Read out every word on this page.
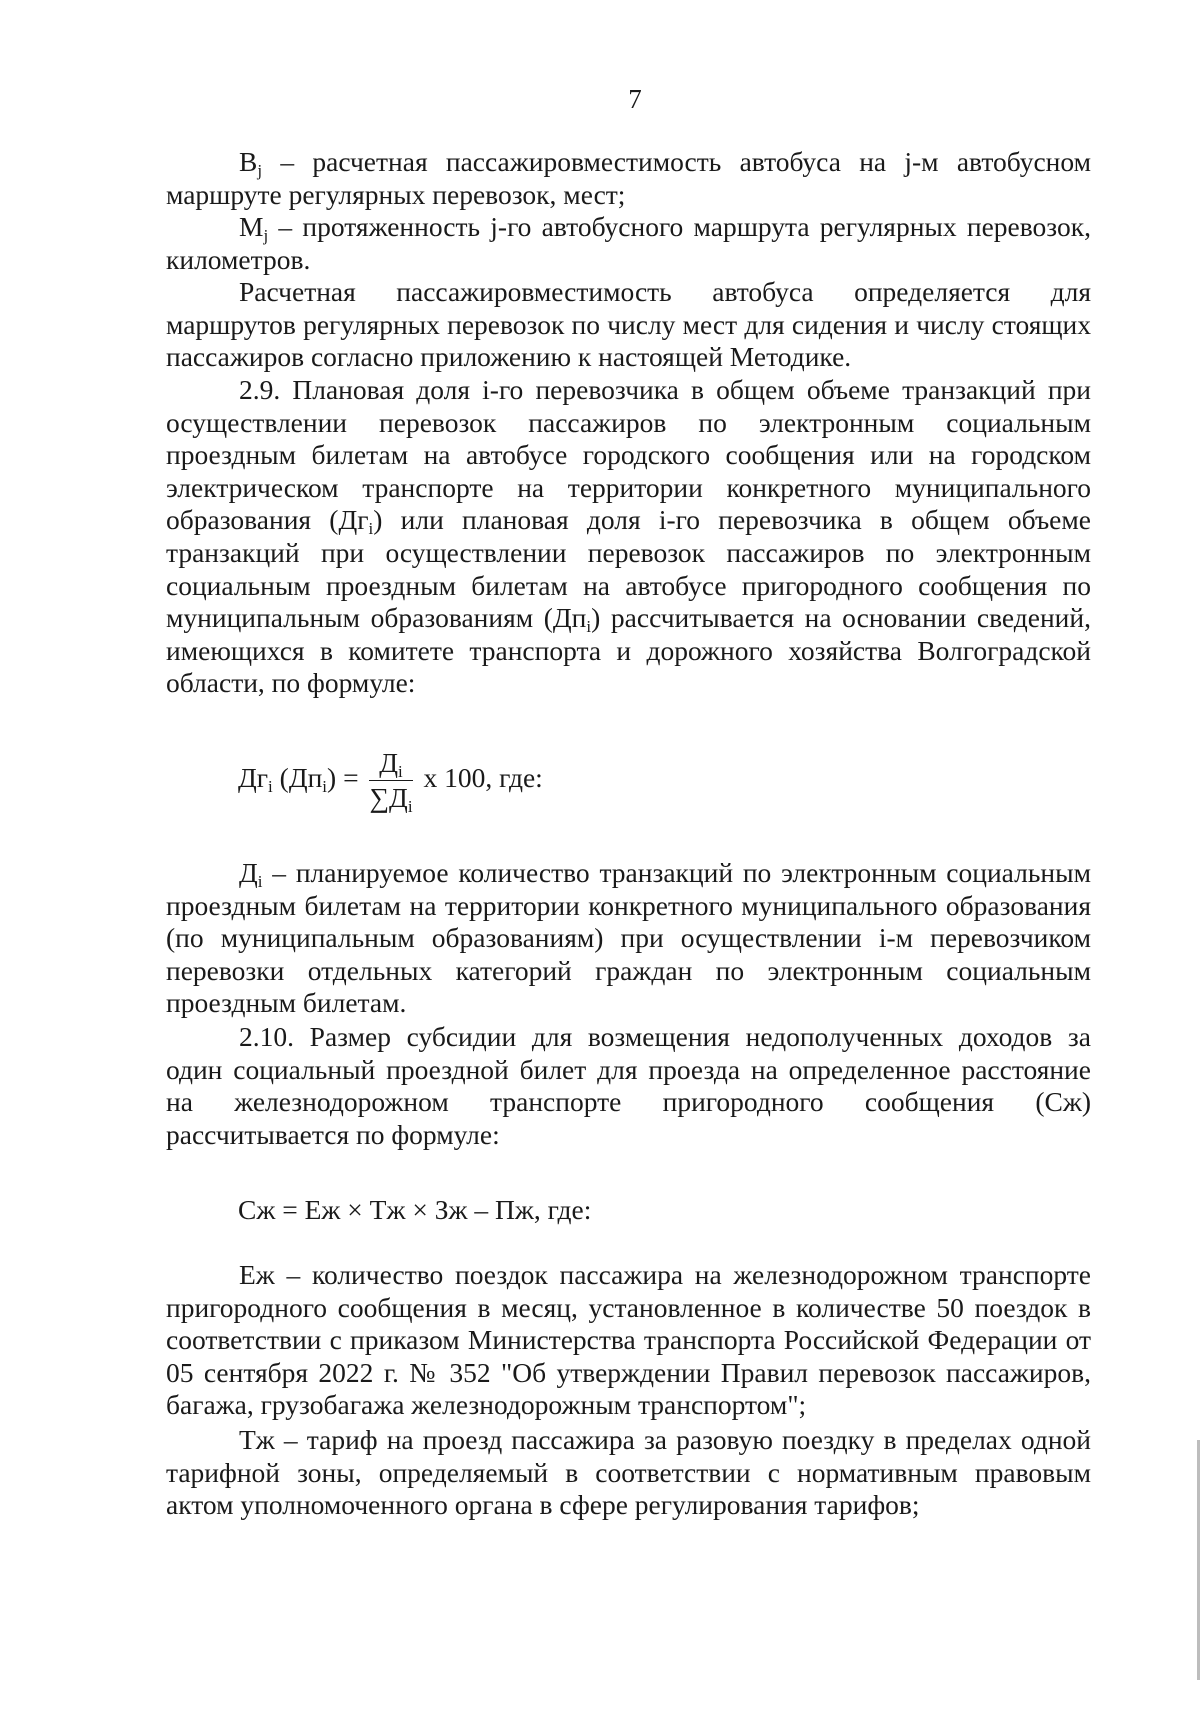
7

$В_j$ – расчетная пассажировместимость автобуса на j-м автобусном маршруте регулярных перевозок, мест;

$М_j$ – протяженность j-го автобусного маршрута регулярных перевозок, километров.

Расчетная пассажировместимость автобуса определяется для маршрутов регулярных перевозок по числу мест для сидения и числу стоящих пассажиров согласно приложению к настоящей Методике.

2.9. Плановая доля i-го перевозчика в общем объеме транзакций при осуществлении перевозок пассажиров по электронным социальным проездным билетам на автобусе городского сообщения или на городском электрическом транспорте на территории конкретного муниципального образования $(Дг_i)$ или плановая доля i-го перевозчика в общем объеме транзакций при осуществлении перевозок пассажиров по электронным социальным проездным билетам на автобусе пригородного сообщения по муниципальным образованиям $(Дп_i)$ рассчитывается на основании сведений, имеющихся в комитете транспорта и дорожного хозяйства Волгоградской области, по формуле:

$Дг_i$ $(Дп_i) = \frac{Д_i}{\sum Д_i}$ x 100, где:

$Д_i$ – планируемое количество транзакций по электронным социальным проездным билетам на территории конкретного муниципального образования (по муниципальным образованиям) при осуществлении i-м перевозчиком перевозки отдельных категорий граждан по электронным социальным проездным билетам.

2.10. Размер субсидии для возмещения недополученных доходов за один социальный проездной билет для проезда на определенное расстояние на железнодорожном транспорте пригородного сообщения (Сж) рассчитывается по формуле:

Сж = Еж × Тж × Зж – Пж, где:

Еж – количество поездок пассажира на железнодорожном транспорте пригородного сообщения в месяц, установленное в количестве 50 поездок в соответствии с приказом Министерства транспорта Российской Федерации от 05 сентября 2022 г. № 352 "Об утверждении Правил перевозок пассажиров, багажа, грузобагажа железнодорожным транспортом";

Тж – тариф на проезд пассажира за разовую поездку в пределах одной тарифной зоны, определяемый в соответствии с нормативным правовым актом уполномоченного органа в сфере регулирования тарифов;
